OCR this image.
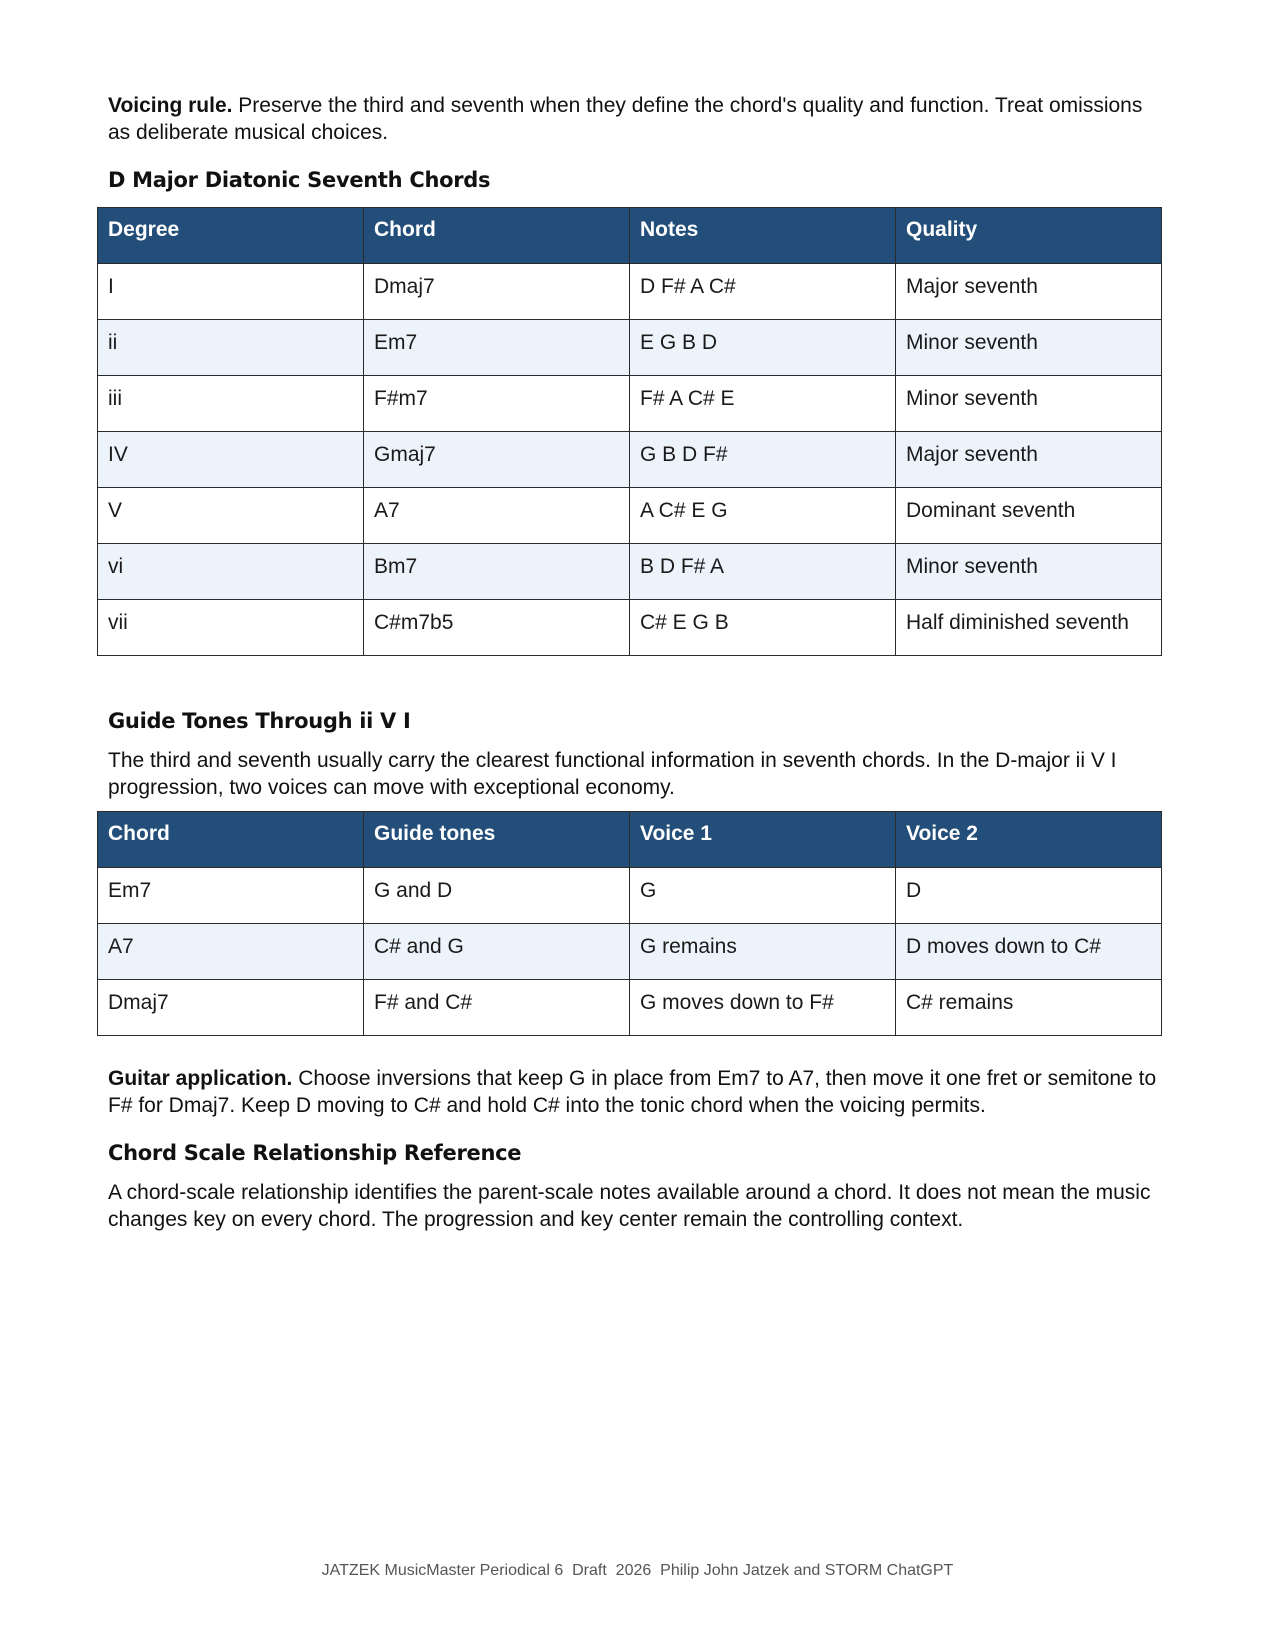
Voicing rule. Preserve the third and seventh when they define the chord's quality and function. Treat omissions as deliberate musical choices.

D Major Diatonic Seventh Chords
Degree	Chord	Notes	Quality
I	Dmaj7	D F# A C#	Major seventh
ii	Em7	E G B D	Minor seventh
iii	F#m7	F# A C# E	Minor seventh
IV	Gmaj7	G B D F#	Major seventh
V	A7	A C# E G	Dominant seventh
vi	Bm7	B D F# A	Minor seventh
vii	C#m7b5	C# E G B	Half diminished seventh
Guide Tones Through ii V I

The third and seventh usually carry the clearest functional information in seventh chords. In the D-major ii V I progression, two voices can move with exceptional economy.

Chord	Guide tones	Voice 1	Voice 2
Em7	G and D	G	D
A7	C# and G	G remains	D moves down to C#
Dmaj7	F# and C#	G moves down to F#	C# remains

Guitar application. Choose inversions that keep G in place from Em7 to A7, then move it one fret or semitone to F# for Dmaj7. Keep D moving to C# and hold C# into the tonic chord when the voicing permits.

Chord Scale Relationship Reference

A chord-scale relationship identifies the parent-scale notes available around a chord. It does not mean the music changes key on every chord. The progression and key center remain the controlling context.

JATZEK MusicMaster Periodical 6  Draft  2026  Philip John Jatzek and STORM ChatGPT
